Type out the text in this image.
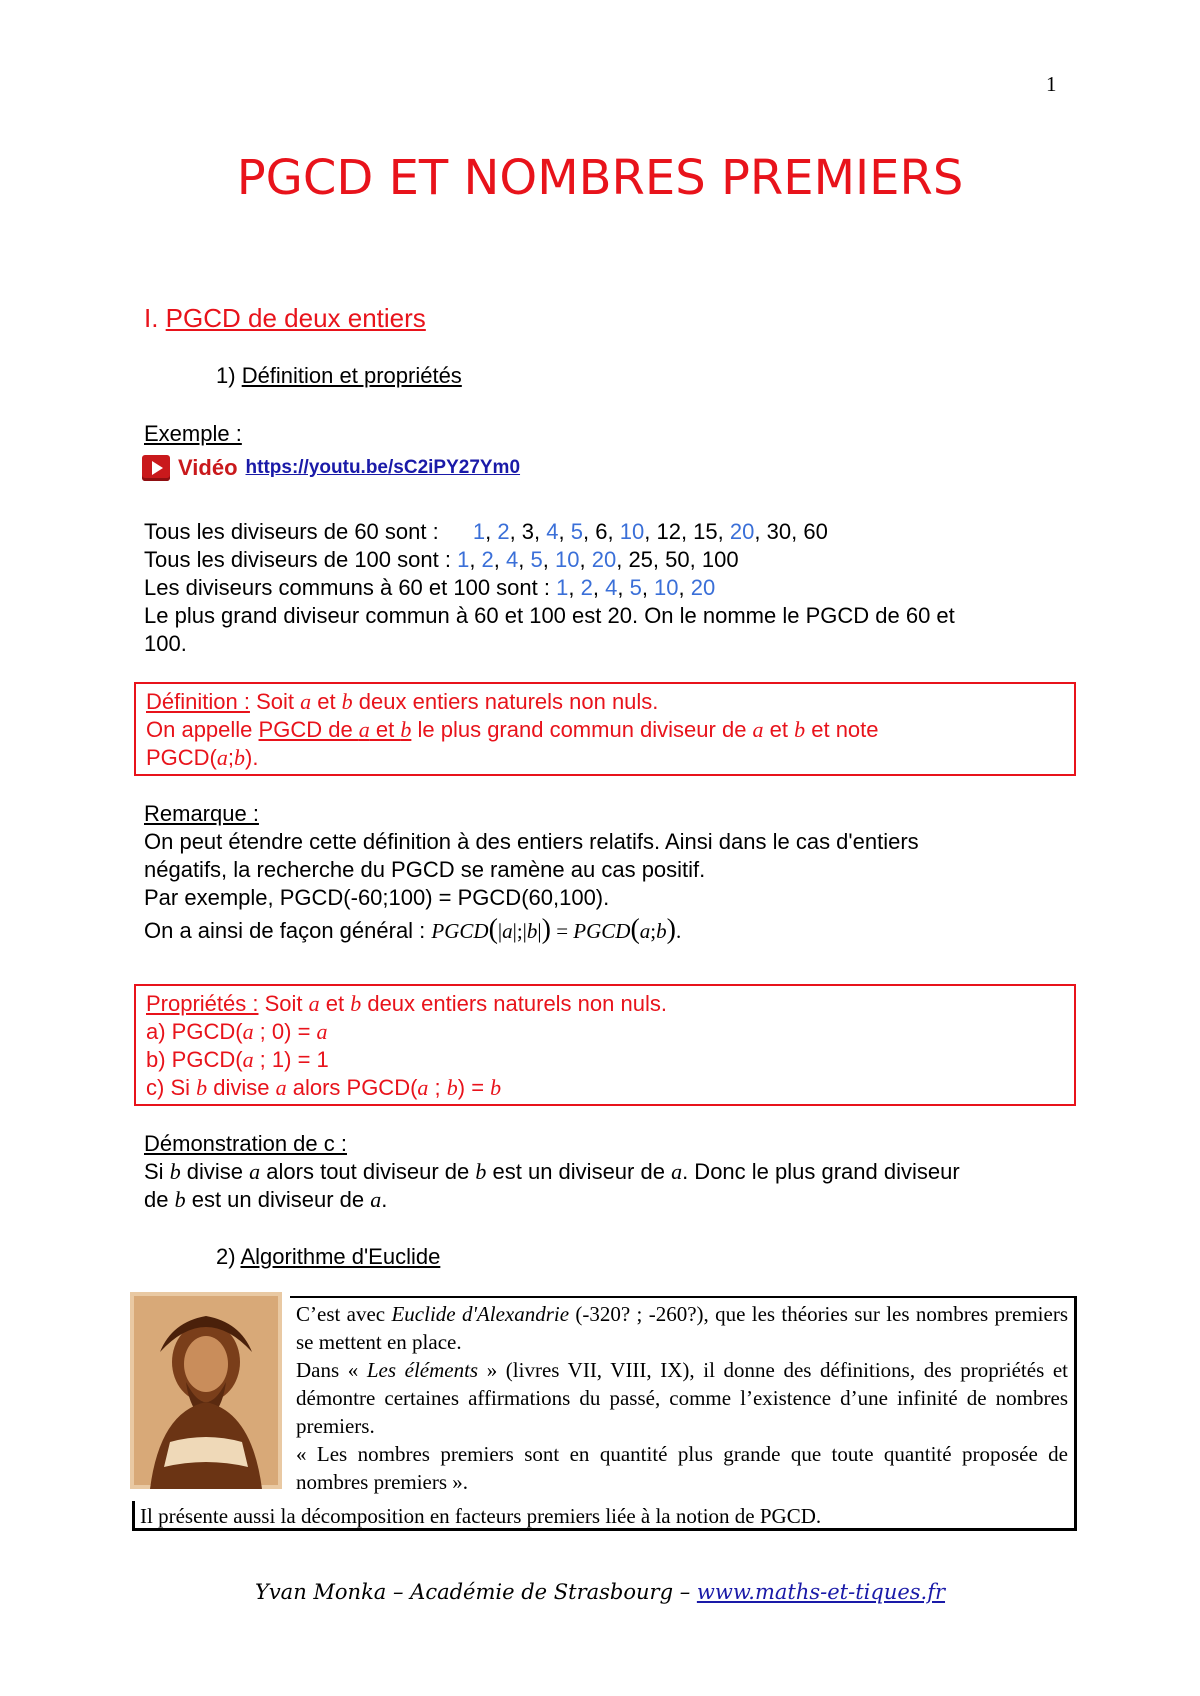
1
PGCD ET NOMBRES PREMIERS
I. PGCD de deux entiers
1) Définition et propriétés
Exemple :
Vidéo https://youtu.be/sC2iPY27Ym0
Tous les diviseurs de 60 sont : 1, 2, 3, 4, 5, 6, 10, 12, 15, 20, 30, 60
Tous les diviseurs de 100 sont : 1, 2, 4, 5, 10, 20, 25, 50, 100
Les diviseurs communs à 60 et 100 sont : 1, 2, 4, 5, 10, 20
Le plus grand diviseur commun à 60 et 100 est 20. On le nomme le PGCD de 60 et
100.
Définition : Soit a et b deux entiers naturels non nuls.
On appelle PGCD de a et b le plus grand commun diviseur de a et b et note
PGCD(a;b).
Remarque :
On peut étendre cette définition à des entiers relatifs. Ainsi dans le cas d'entiers
négatifs, la recherche du PGCD se ramène au cas positif.
Par exemple, PGCD(-60;100) = PGCD(60,100).
On a ainsi de façon général : PGCD(|a|;|b|) = PGCD(a;b).
Propriétés : Soit a et b deux entiers naturels non nuls.
a) PGCD(a ; 0) = a
b) PGCD(a ; 1) = 1
c) Si b divise a alors PGCD(a ; b) = b
Démonstration de c :
Si b divise a alors tout diviseur de b est un diviseur de a. Donc le plus grand diviseur
de b est un diviseur de a.
2) Algorithme d'Euclide
C’est avec Euclide d'Alexandrie (-320? ; -260?), que les théories sur les nombres premiers se mettent en place.
Dans « Les éléments » (livres VII, VIII, IX), il donne des définitions, des propriétés et démontre certaines affirmations du passé, comme l’existence d’une infinité de nombres premiers.
« Les nombres premiers sont en quantité plus grande que toute quantité proposée de nombres premiers ».
Il présente aussi la décomposition en facteurs premiers liée à la notion de PGCD.
Yvan Monka – Académie de Strasbourg – www.maths-et-tiques.fr
